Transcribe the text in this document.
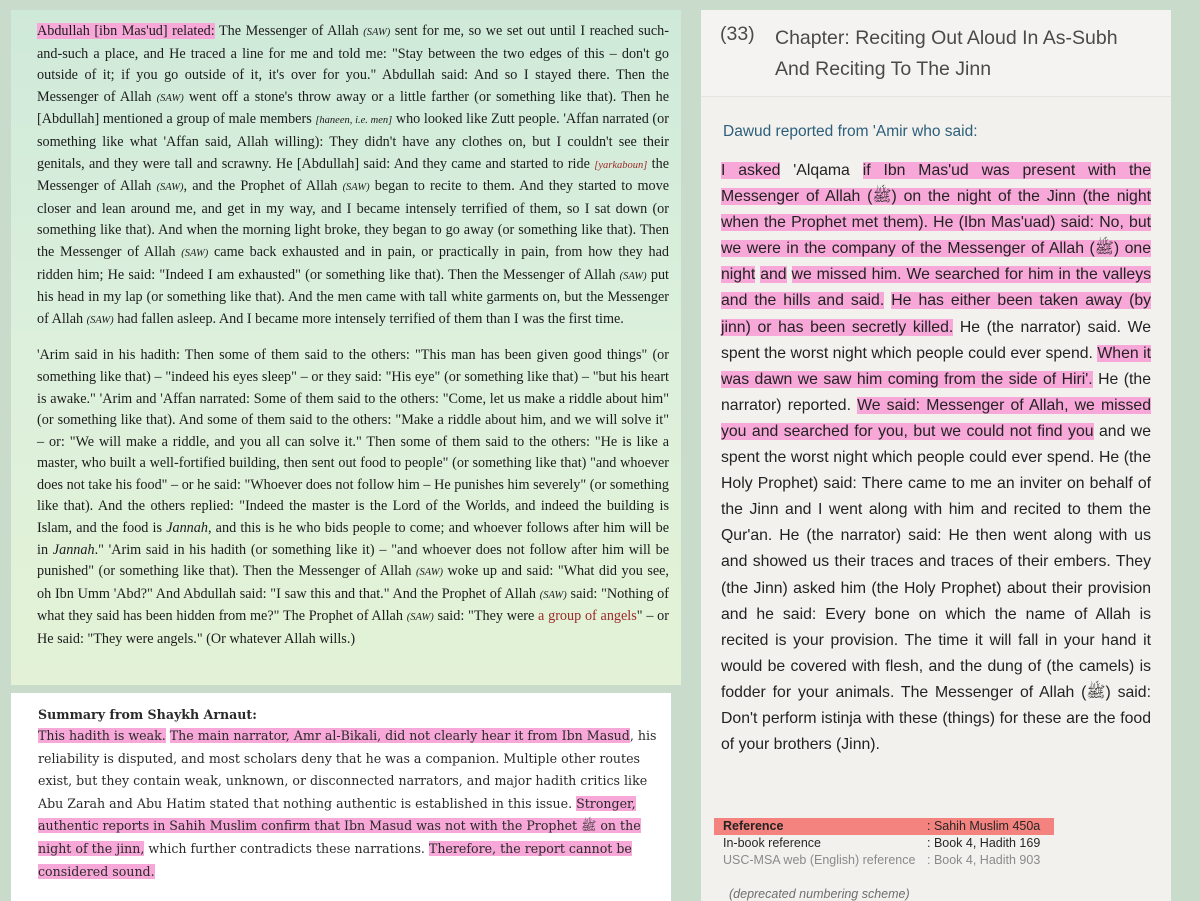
Abdullah [ibn Mas'ud] related: The Messenger of Allah (SAW) sent for me, so we set out until I reached such-and-such a place, and He traced a line for me and told me: "Stay between the two edges of this – don't go outside of it; if you go outside of it, it's over for you." Abdullah said: And so I stayed there. Then the Messenger of Allah (SAW) went off a stone's throw away or a little farther (or something like that). Then he [Abdullah] mentioned a group of male members [haneen, i.e. men] who looked like Zutt people. 'Affan narrated (or something like what 'Affan said, Allah willing): They didn't have any clothes on, but I couldn't see their genitals, and they were tall and scrawny. He [Abdullah] said: And they came and started to ride [yarkaboun] the Messenger of Allah (SAW), and the Prophet of Allah (SAW) began to recite to them. And they started to move closer and lean around me, and get in my way, and I became intensely terrified of them, so I sat down (or something like that). And when the morning light broke, they began to go away (or something like that). Then the Messenger of Allah (SAW) came back exhausted and in pain, or practically in pain, from how they had ridden him; He said: "Indeed I am exhausted" (or something like that). Then the Messenger of Allah (SAW) put his head in my lap (or something like that). And the men came with tall white garments on, but the Messenger of Allah (SAW) had fallen asleep. And I became more intensely terrified of them than I was the first time.

'Arim said in his hadith: Then some of them said to the others: "This man has been given good things" (or something like that) – "indeed his eyes sleep" – or they said: "His eye" (or something like that) – "but his heart is awake." 'Arim and 'Affan narrated: Some of them said to the others: "Come, let us make a riddle about him" (or something like that). And some of them said to the others: "Make a riddle about him, and we will solve it" – or: "We will make a riddle, and you all can solve it." Then some of them said to the others: "He is like a master, who built a well-fortified building, then sent out food to people" (or something like that) "and whoever does not take his food" – or he said: "Whoever does not follow him – He punishes him severely" (or something like that). And the others replied: "Indeed the master is the Lord of the Worlds, and indeed the building is Islam, and the food is Jannah, and this is he who bids people to come; and whoever follows after him will be in Jannah." 'Arim said in his hadith (or something like it) – "and whoever does not follow after him will be punished" (or something like that). Then the Messenger of Allah (SAW) woke up and said: "What did you see, oh Ibn Umm 'Abd?" And Abdullah said: "I saw this and that." And the Prophet of Allah (SAW) said: "Nothing of what they said has been hidden from me?" The Prophet of Allah (SAW) said: "They were a group of angels" – or He said: "They were angels." (Or whatever Allah wills.)

Summary from Shaykh Arnaut:

This hadith is weak. The main narrator, Amr al-Bikali, did not clearly hear it from Ibn Masud, his reliability is disputed, and most scholars deny that he was a companion. Multiple other routes exist, but they contain weak, unknown, or disconnected narrators, and major hadith critics like Abu Zarah and Abu Hatim stated that nothing authentic is established in this issue. Stronger, authentic reports in Sahih Muslim confirm that Ibn Masud was not with the Prophet ﷺ on the night of the jinn, which further contradicts these narrations. Therefore, the report cannot be considered sound.

(33) Chapter: Reciting Out Aloud In As-Subh And Reciting To The Jinn
Dawud reported from 'Amir who said:
I asked 'Alqama if Ibn Mas'ud was present with the Messenger of Allah (ﷺ) on the night of the Jinn (the night when the Prophet met them). He (Ibn Mas'uad) said: No, but we were in the company of the Messenger of Allah (ﷺ) one night and we missed him. We searched for him in the valleys and the hills and said. He has either been taken away (by jinn) or has been secretly killed. He (the narrator) said. We spent the worst night which people could ever spend. When it was dawn we saw him coming from the side of Hiri'. He (the narrator) reported. We said: Messenger of Allah, we missed you and searched for you, but we could not find you and we spent the worst night which people could ever spend. He (the Holy Prophet) said: There came to me an inviter on behalf of the Jinn and I went along with him and recited to them the Qur'an. He (the narrator) said: He then went along with us and showed us their traces and traces of their embers. They (the Jinn) asked him (the Holy Prophet) about their provision and he said: Every bone on which the name of Allah is recited is your provision. The time it will fall in your hand it would be covered with flesh, and the dung of (the camels) is fodder for your animals. The Messenger of Allah (ﷺ) said: Don't perform istinja with these (things) for these are the food of your brothers (Jinn).
Reference	: Sahih Muslim 450a
In-book reference	: Book 4, Hadith 169
USC-MSA web (English) reference : Book 4, Hadith 903
(deprecated numbering scheme)
